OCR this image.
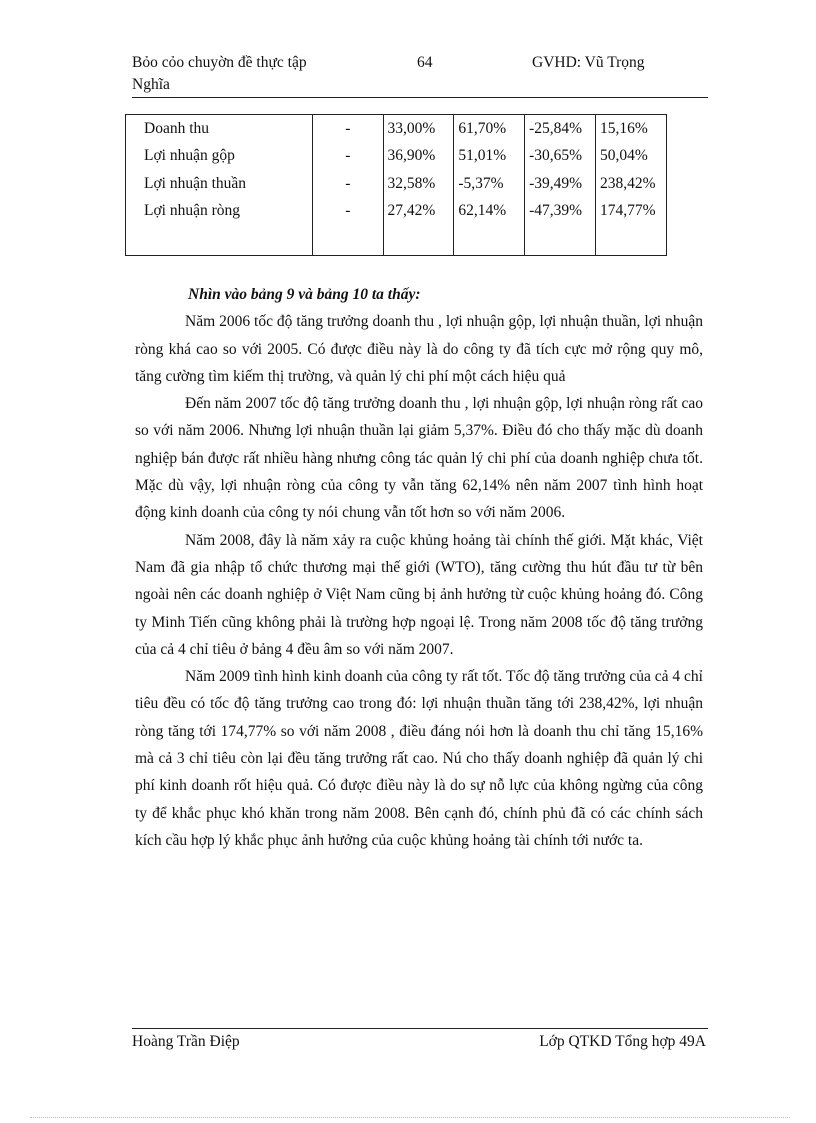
Bỏo cỏo chuyờn đề thực tập Nghĩa
64	GVHD: Vũ Trọng
Doanh thu	-	33,00%	61,70%	-25,84%	15,16%
Lợi nhuận gộp	-	36,90%	51,01%	-30,65%	50,04%
Lợi nhuận thuần	-	32,58%	-5,37%	-39,49%	238,42%
Lợi nhuận ròng	-	27,42%	62,14%	-47,39%	174,77%

Nhìn vào bảng 9 và bảng 10 ta thấy:

Năm 2006 tốc độ tăng trưởng doanh thu , lợi nhuận gộp, lợi nhuận thuần, lợi nhuận ròng khá cao so với 2005. Có được điều này là do công ty đã tích cực mở rộng quy mô, tăng cường tìm kiếm thị trường, và quản lý chi phí một cách hiệu quả

Đến năm 2007 tốc độ tăng trưởng doanh thu , lợi nhuận gộp, lợi nhuận ròng rất cao so với năm 2006. Nhưng lợi nhuận thuần lại giảm 5,37%. Điều đó cho thấy mặc dù doanh nghiệp bán được rất nhiều hàng nhưng công tác quản lý chi phí của doanh nghiệp chưa tốt. Mặc dù vậy, lợi nhuận ròng của công ty vẫn tăng 62,14% nên năm 2007 tình hình hoạt động kinh doanh của công ty nói chung vẫn tốt hơn so với năm 2006.

Năm 2008, đây là năm xảy ra cuộc khủng hoảng tài chính thế giới. Mặt khác, Việt Nam đã gia nhập tổ chức thương mại thế giới (WTO), tăng cường thu hút đầu tư từ bên ngoài nên các doanh nghiệp ở Việt Nam cũng bị ảnh hưởng từ cuộc khủng hoảng đó. Công ty Minh Tiến cũng không phải là trường hợp ngoại lệ. Trong năm 2008 tốc độ tăng trưởng của cả 4 chỉ tiêu ở bảng 4 đều âm so với năm 2007.

Năm 2009 tình hình kinh doanh của công ty rất tốt. Tốc độ tăng trưởng của cả 4 chỉ tiêu đều có tốc độ tăng trưởng cao trong đó: lợi nhuận thuần tăng tới 238,42%, lợi nhuận ròng tăng tới 174,77% so với năm 2008 , điều đáng nói hơn là doanh thu chỉ tăng 15,16% mà cả 3 chỉ tiêu còn lại đều tăng trưởng rất cao. Nú cho thấy doanh nghiệp đã quản lý chi phí kinh doanh rốt hiệu quả. Có được điều này là do sự nỗ lực của không ngừng của công ty để khắc phục khó khăn trong năm 2008. Bên cạnh đó, chính phủ đã có các chính sách kích cầu hợp lý khắc phục ảnh hưởng của cuộc khủng hoảng tài chính tới nước ta.

Hoàng Trần Điệp	Lớp QTKD Tổng hợp 49A
